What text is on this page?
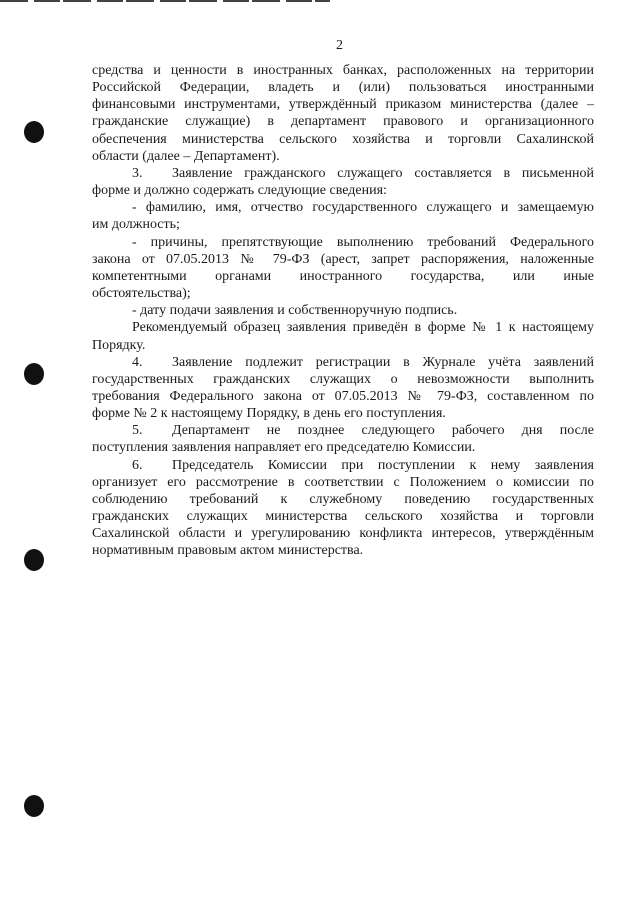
2

средства и ценности в иностранных банках, расположенных на территории
Российской Федерации, владеть и (или) пользоваться иностранными
финансовыми инструментами, утверждённый приказом министерства (далее –
гражданские служащие) в департамент правового и организационного
обеспечения министерства сельского хозяйства и торговли Сахалинской
области (далее – Департамент).

3. Заявление гражданского служащего составляется в письменной
форме и должно содержать следующие сведения:

- фамилию, имя, отчество государственного служащего и замещаемую
им должность;

- причины, препятствующие выполнению требований Федерального
закона от 07.05.2013 № 79-ФЗ (арест, запрет распоряжения, наложенные
компетентными органами иностранного государства, или иные
обстоятельства);

- дату подачи заявления и собственноручную подпись.

Рекомендуемый образец заявления приведён в форме № 1 к настоящему
Порядку.

4. Заявление подлежит регистрации в Журнале учёта заявлений
государственных гражданских служащих о невозможности выполнить
требования Федерального закона от 07.05.2013 № 79-ФЗ, составленном по
форме № 2 к настоящему Порядку, в день его поступления.

5. Департамент не позднее следующего рабочего дня после
поступления заявления направляет его председателю Комиссии.

6. Председатель Комиссии при поступлении к нему заявления
организует его рассмотрение в соответствии с Положением о комиссии по
соблюдению требований к служебному поведению государственных
гражданских служащих министерства сельского хозяйства и торговли
Сахалинской области и урегулированию конфликта интересов, утверждённым
нормативным правовым актом министерства.
